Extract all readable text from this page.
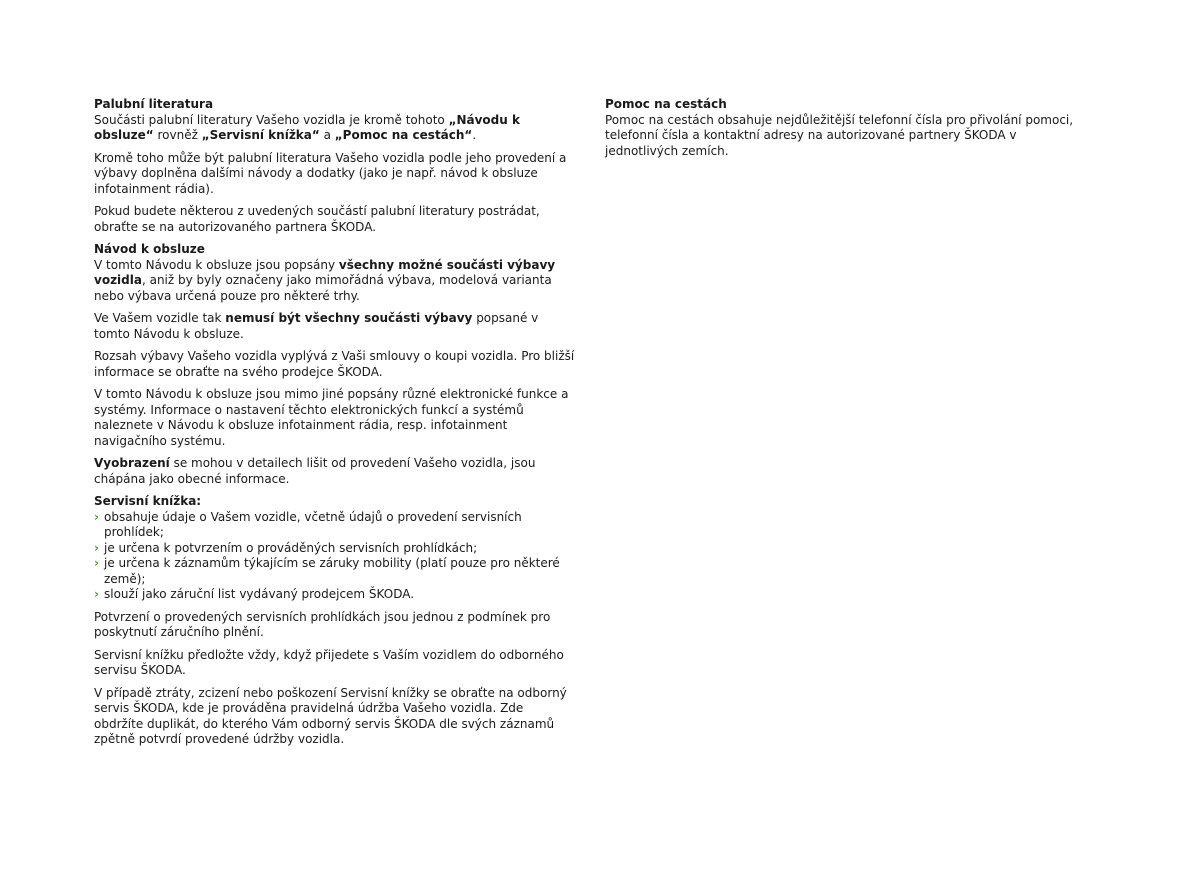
Palubní literatura

Součásti palubní literatury Vašeho vozidla je kromě tohoto „Návodu k obsluze“ rovněž „Servisní knížka“ a „Pomoc na cestách“.

Kromě toho může být palubní literatura Vašeho vozidla podle jeho provedení a výbavy doplněna dalšími návody a dodatky (jako je např. návod k obsluze infotainment rádia).

Pokud budete některou z uvedených součástí palubní literatury postrádat, obraťte se na autorizovaného partnera ŠKODA.

Návod k obsluze

V tomto Návodu k obsluze jsou popsány všechny možné součásti výbavy vozidla, aniž by byly označeny jako mimořádná výbava, modelová varianta nebo výbava určená pouze pro některé trhy.

Ve Vašem vozidle tak nemusí být všechny součásti výbavy popsané v tomto Návodu k obsluze.

Rozsah výbavy Vašeho vozidla vyplývá z Vaši smlouvy o koupi vozidla. Pro bližší informace se obraťte na svého prodejce ŠKODA.

V tomto Návodu k obsluze jsou mimo jiné popsány různé elektronické funkce a systémy. Informace o nastavení těchto elektronických funkcí a systémů naleznete v Návodu k obsluze infotainment rádia, resp. infotainment navigačního systému.

Vyobrazení se mohou v detailech lišit od provedení Vašeho vozidla, jsou chápána jako obecné informace.

Servisní knížka:
› obsahuje údaje o Vašem vozidle, včetně údajů o provedení servisních prohlídek;
› je určena k potvrzením o prováděných servisních prohlídkách;
› je určena k záznamům týkajícím se záruky mobility (platí pouze pro některé země);
› slouží jako záruční list vydávaný prodejcem ŠKODA.

Potvrzení o provedených servisních prohlídkách jsou jednou z podmínek pro poskytnutí záručního plnění.

Servisní knížku předložte vždy, když přijedete s Vaším vozidlem do odborného servisu ŠKODA.

V případě ztráty, zcizení nebo poškození Servisní knížky se obraťte na odborný servis ŠKODA, kde je prováděna pravidelná údržba Vašeho vozidla. Zde obdržíte duplikát, do kterého Vám odborný servis ŠKODA dle svých záznamů zpětně potvrdí provedené údržby vozidla.

Pomoc na cestách

Pomoc na cestách obsahuje nejdůležitější telefonní čísla pro přivolání pomoci, telefonní čísla a kontaktní adresy na autorizované partnery ŠKODA v jednotlivých zemích.
